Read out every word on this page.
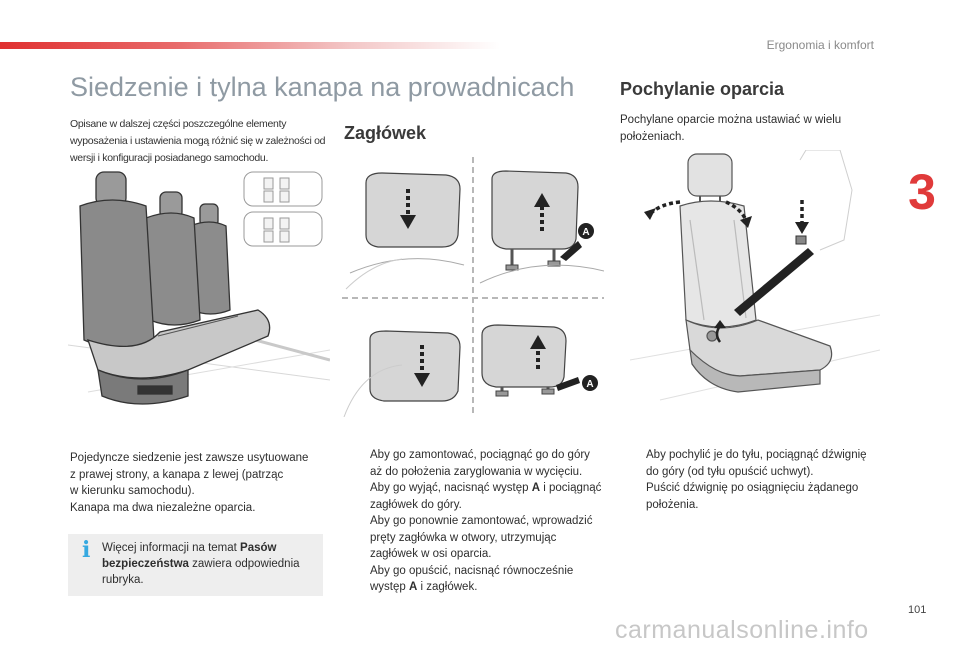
Ergonomia i komfort
3
Siedzenie i tylna kanapa na prowadnicach
Opisane w dalszej części poszczególne elementy wyposażenia i ustawienia mogą różnić się w zależności od wersji i konfiguracji posiadanego samochodu.
Pojedyncze siedzenie jest zawsze usytuowane
z prawej strony, a kanapa z lewej (patrząc
w kierunku samochodu).
Kanapa ma dwa niezależne oparcia.
i Więcej informacji na temat Pasów bezpieczeństwa zawiera odpowiednia rubryka.
Zagłówek
A
A
Aby go zamontować, pociągnąć go do góry aż do położenia zaryglowania w wycięciu.
Aby go wyjąć, nacisnąć występ A i pociągnąć zagłówek do góry.
Aby go ponownie zamontować, wprowadzić pręty zagłówka w otwory, utrzymując zagłówek w osi oparcia.
Aby go opuścić, nacisnąć równocześnie występ A i zagłówek.
Pochylanie oparcia
Pochylane oparcie można ustawiać w wielu
położeniach.
Aby pochylić je do tyłu, pociągnąć dźwignię do góry (od tyłu opuścić uchwyt).
Puścić dźwignię po osiągnięciu żądanego położenia.
101
carmanualsonline.info
